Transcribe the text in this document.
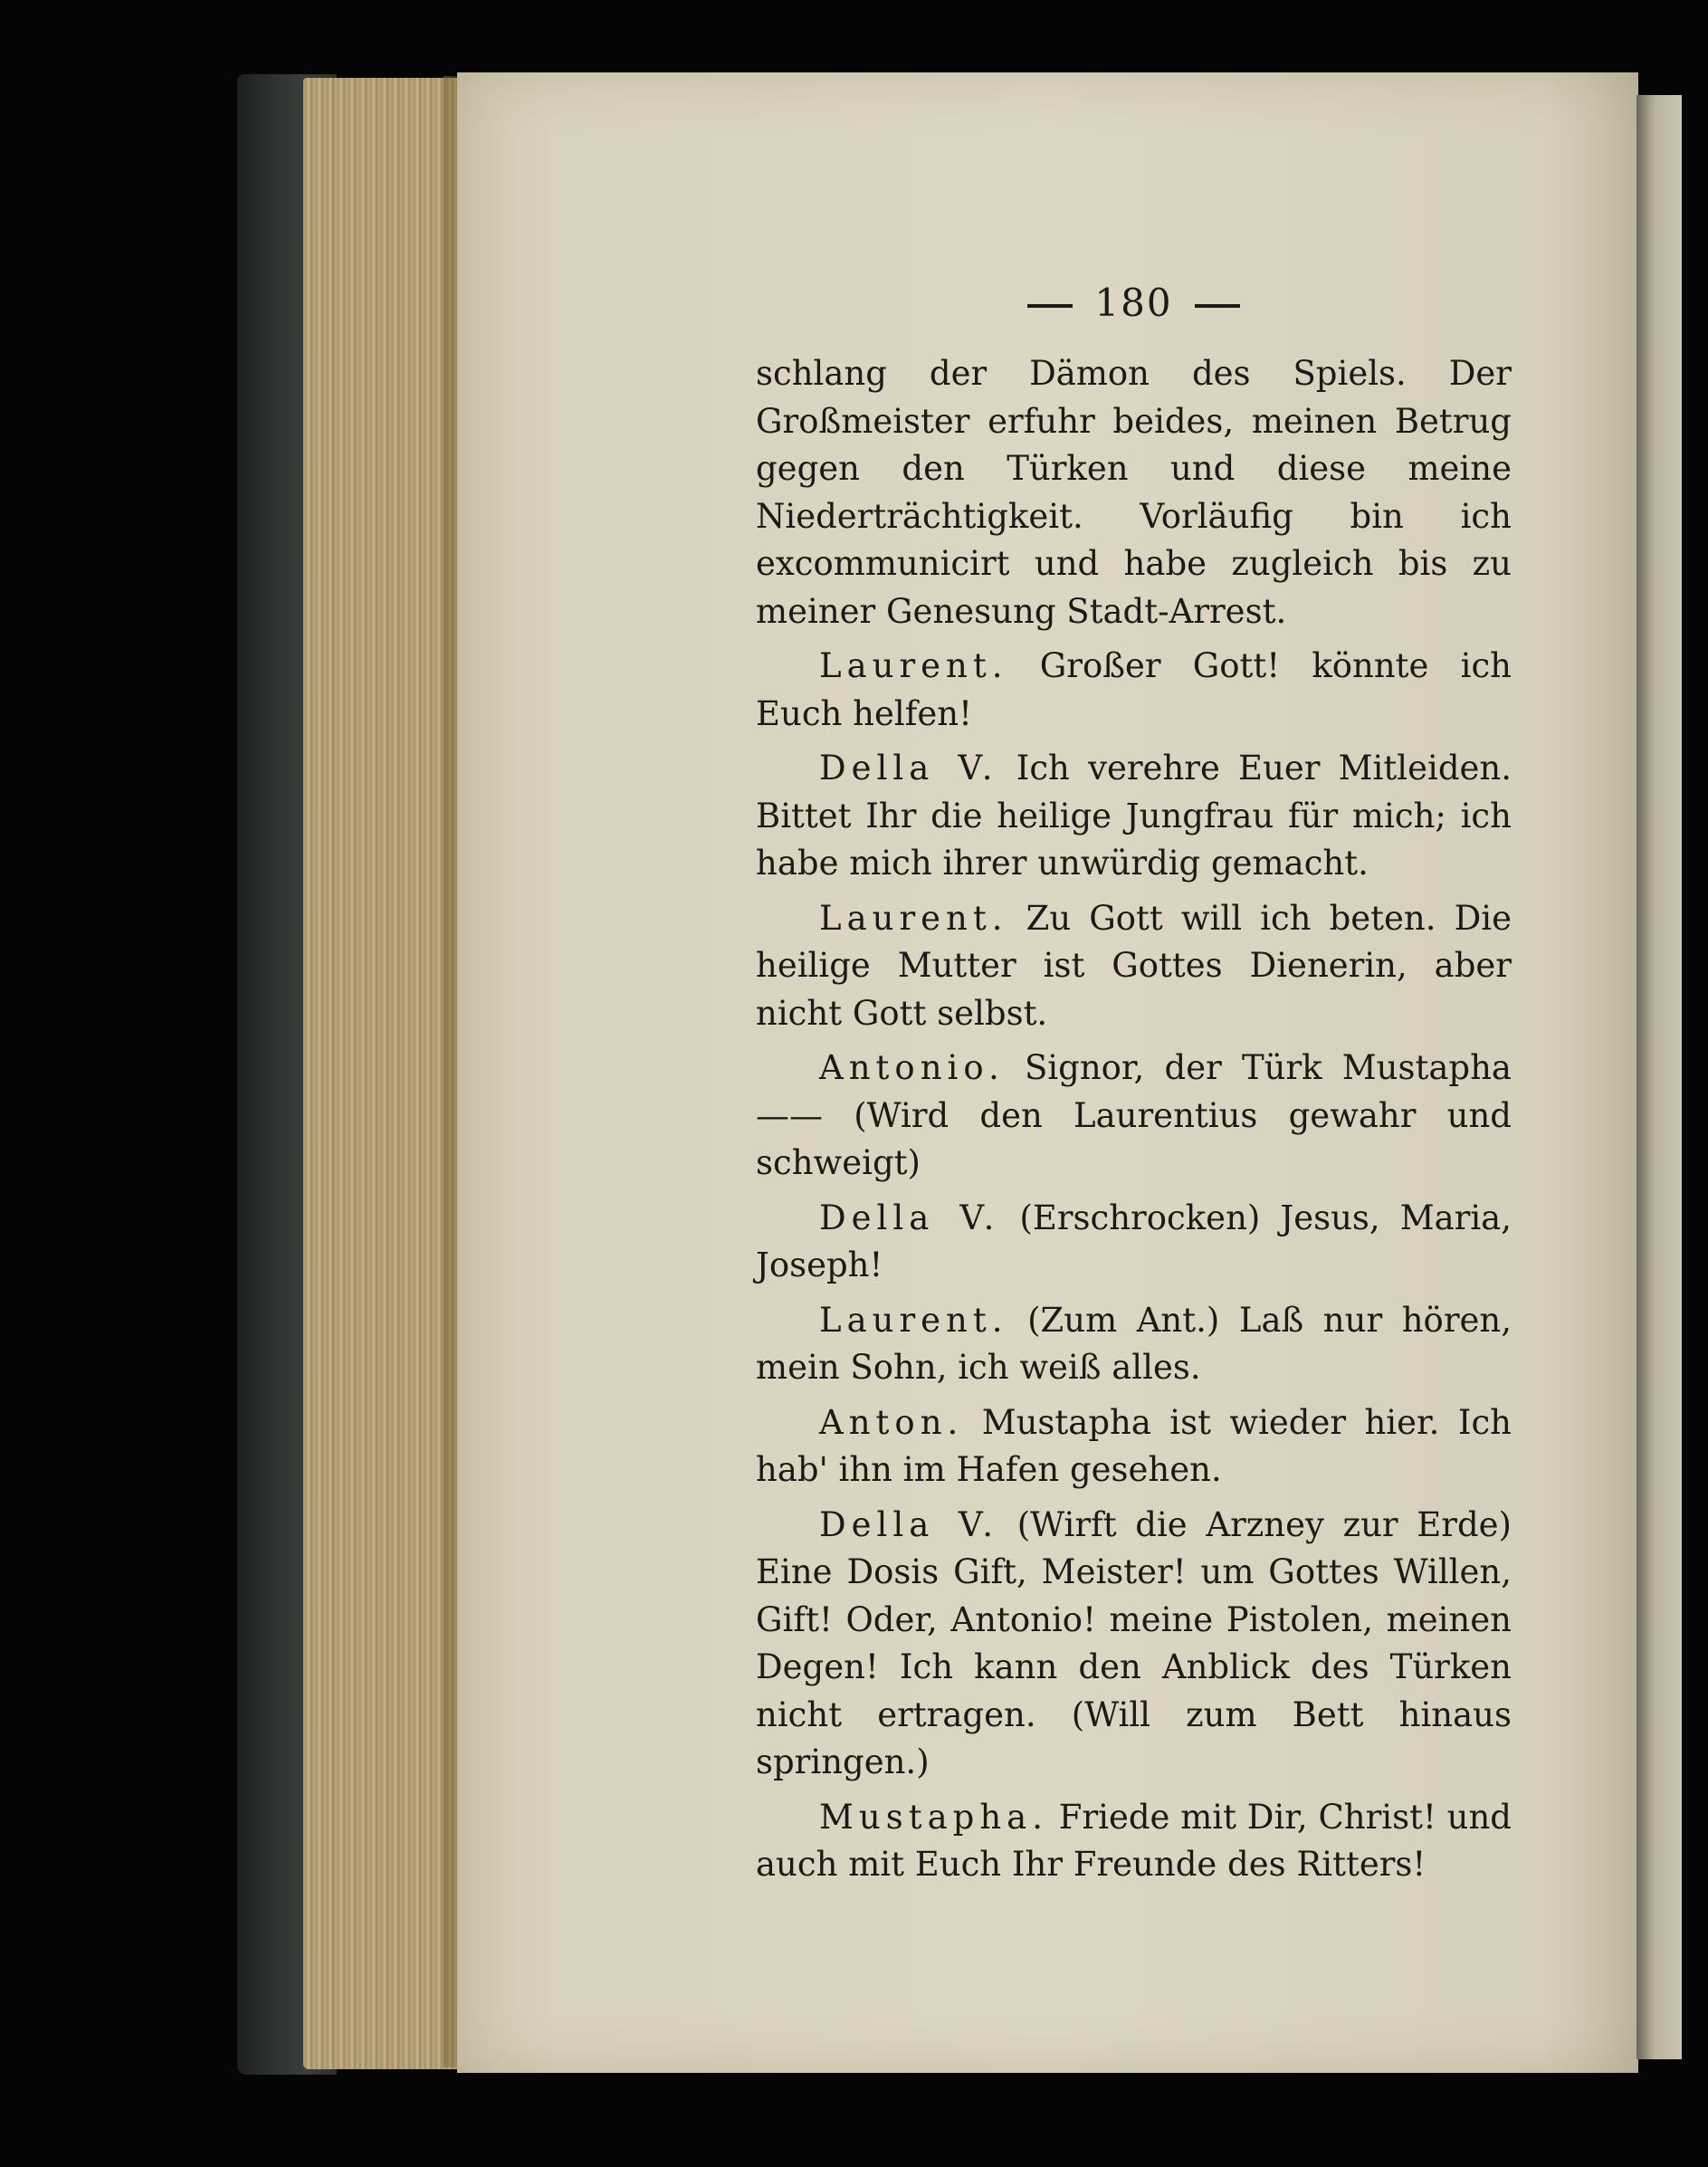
180

schlang der Dämon des Spiels. Der Großmeister erfuhr beides, meinen Betrug gegen den Türken und diese meine Niederträchtigkeit. Vorläufig bin ich excommunicirt und habe zugleich bis zu meiner Genesung Stadt-Arrest.

Laurent. Großer Gott! könnte ich Euch helfen!

Della V. Ich verehre Euer Mitleiden. Bittet Ihr die heilige Jungfrau für mich; ich habe mich ihrer unwürdig gemacht.

Laurent. Zu Gott will ich beten. Die heilige Mutter ist Gottes Dienerin, aber nicht Gott selbst.

Antonio. Signor, der Türk Mustapha —— (Wird den Laurentius gewahr und schweigt)

Della V. (Erschrocken) Jesus, Maria, Joseph!

Laurent. (Zum Ant.) Laß nur hören, mein Sohn, ich weiß alles.

Anton. Mustapha ist wieder hier. Ich hab' ihn im Hafen gesehen.

Della V. (Wirft die Arzney zur Erde) Eine Dosis Gift, Meister! um Gottes Willen, Gift! Oder, Antonio! meine Pistolen, meinen Degen! Ich kann den Anblick des Türken nicht ertragen. (Will zum Bett hinaus springen.)

Mustapha. Friede mit Dir, Christ! und auch mit Euch Ihr Freunde des Ritters!
